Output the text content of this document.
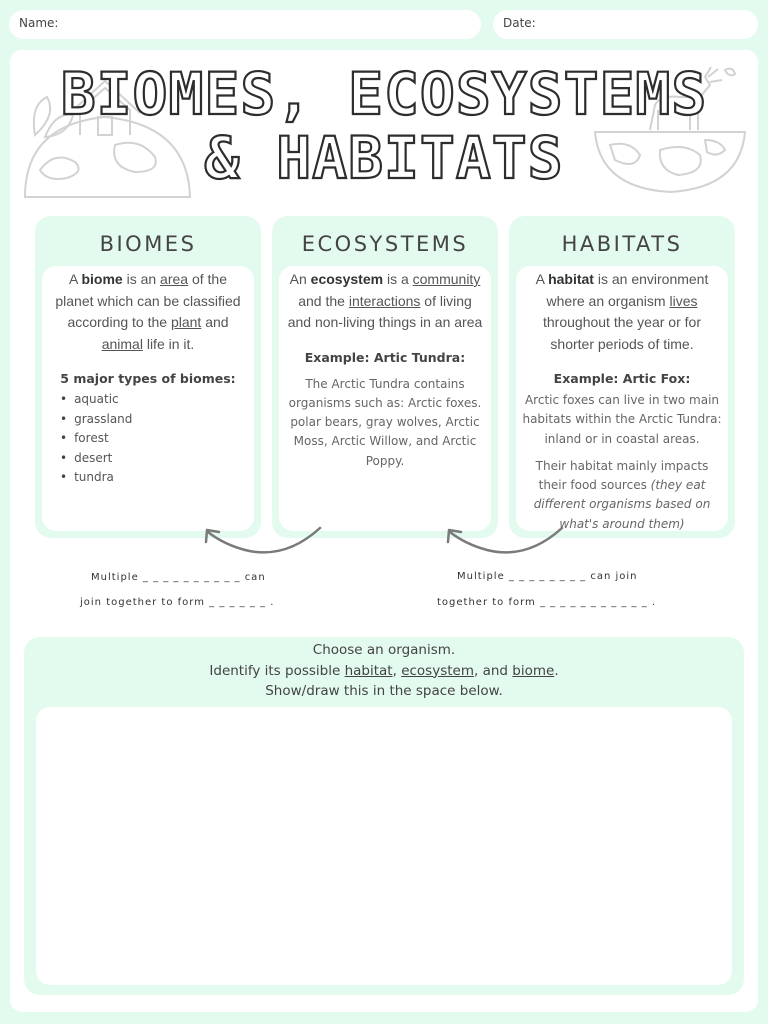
Name:	Date:
BIOMES, ECOSYSTEMS
& HABITATS
BIOMES

A biome is an area of the planet which can be classified according to the plant and animal life in it.

5 major types of biomes:

• aquatic
• grassland
• forest
• desert
• tundra
ECOSYSTEMS

An ecosystem is a community and the interactions of living and non-living things in an area

Example: Artic Tundra:

The Arctic Tundra contains organisms such as: Arctic foxes. polar bears, gray wolves, Arctic Moss, Arctic Willow, and Arctic Poppy.

HABITATS

A habitat is an environment where an organism lives throughout the year or for shorter periods of time.

Example: Artic Fox:

Arctic foxes can live in two main habitats within the Arctic Tundra: inland or in coastal areas.

Their habitat mainly impacts their food sources (they eat different organisms based on what's around them)

Multiple _ _ _ _ _ _ _ _ _ _ can
join together to form _ _ _ _ _ _ .
Multiple _ _ _ _ _ _ _ _ can join
together to form _ _ _ _ _ _ _ _ _ _ _ .
Choose an organism.
Identify its possible habitat, ecosystem, and biome.
Show/draw this in the space below.
